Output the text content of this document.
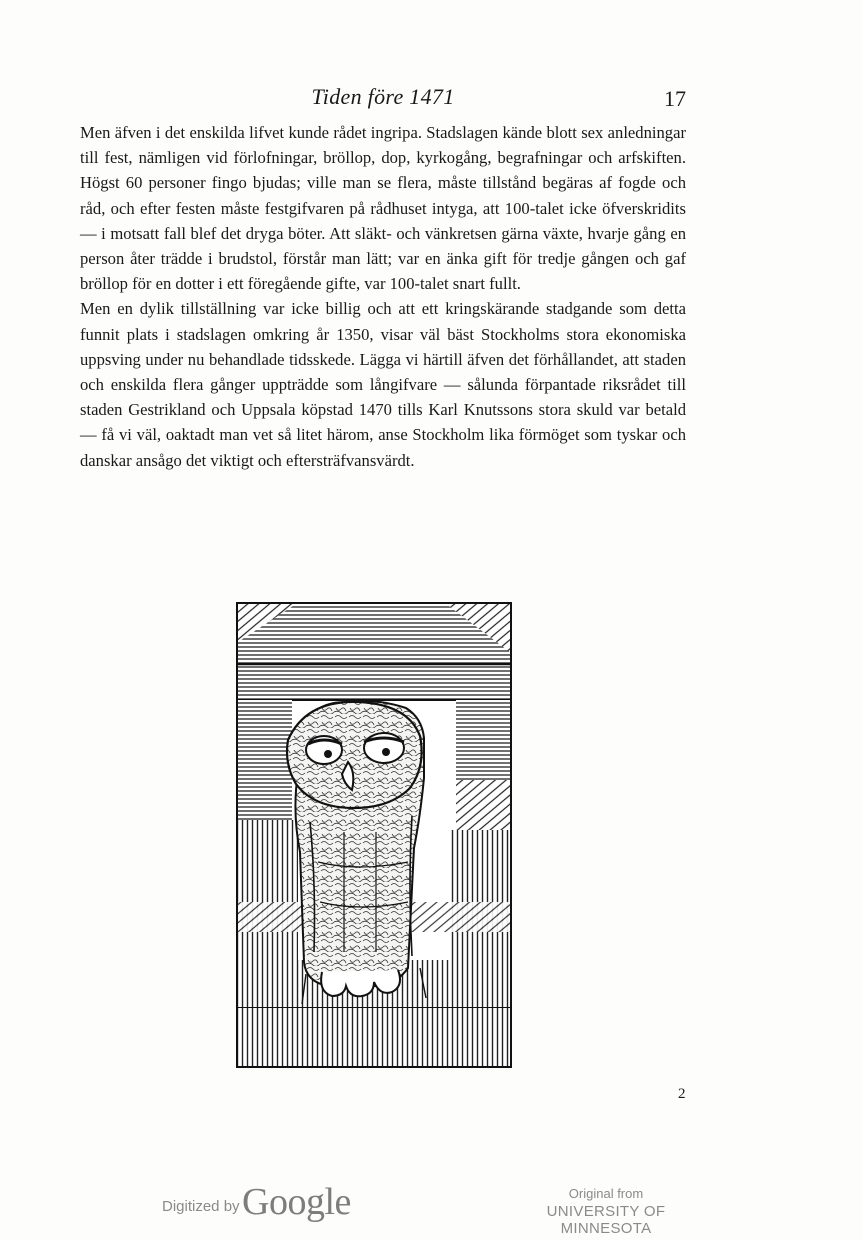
Tiden före 1471	17

Men äfven i det enskilda lifvet kunde rådet ingripa. Stadslagen kände blott sex anledningar till fest, nämligen vid förlofningar, bröllop, dop, kyrkogång, begrafningar och arfskiften. Högst 60 personer fingo bjudas; ville man se flera, måste tillstånd begäras af fogde och råd, och efter festen måste festgifvaren på rådhuset intyga, att 100-talet icke öfverskridits — i motsatt fall blef det dryga böter. Att släkt- och vänkretsen gärna växte, hvarje gång en person åter trädde i brudstol, förstår man lätt; var en änka gift för tredje gången och gaf bröllop för en dotter i ett föregående gifte, var 100-talet snart fullt.

Men en dylik tillställning var icke billig och att ett kringskärande stadgande som detta funnit plats i stadslagen omkring år 1350, visar väl bäst Stockholms stora ekonomiska uppsving under nu behandlade tidsskede. Lägga vi härtill äfven det förhållandet, att staden och enskilda flera gånger uppträdde som långifvare — sålunda förpantade riksrådet till staden Gestrikland och Uppsala köpstad 1470 tills Karl Knutssons stora skuld var betald — få vi väl, oaktadt man vet så litet härom, anse Stockholm lika förmöget som tyskar och danskar ansågo det viktigt och eftersträfvansvärdt.

2
Digitized by Google	Original from
UNIVERSITY OF MINNESOTA
